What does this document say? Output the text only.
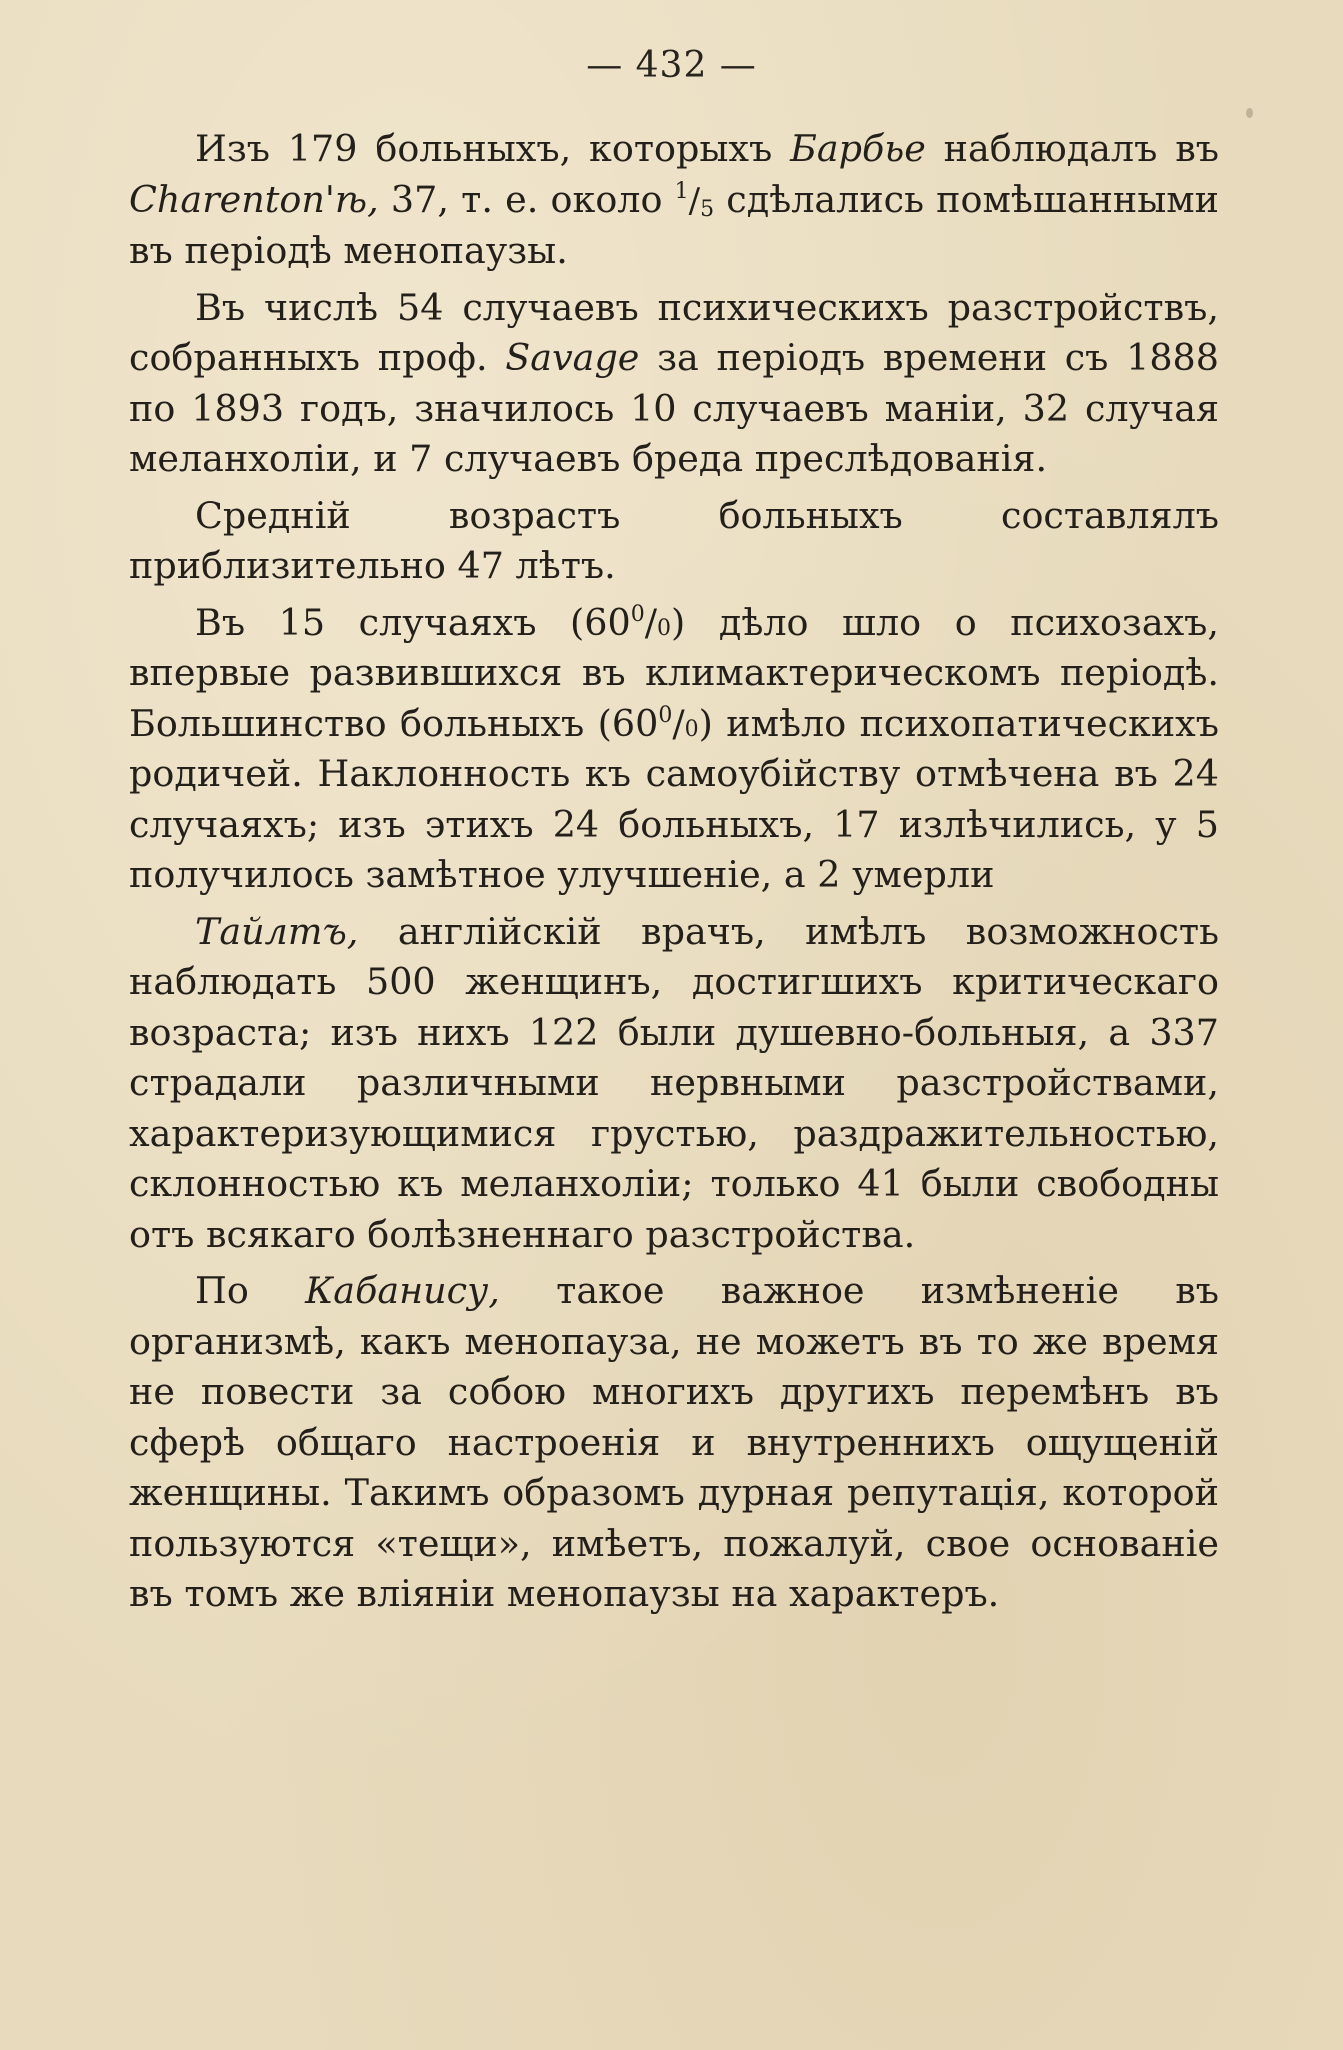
— 432 —

Изъ 179 больныхъ, которыхъ Барбье наблюдалъ въ Charenton'ѣ, 37, т. е. около $^1/_5$ сдѣлались помѣшанными въ періодѣ менопаузы.

Въ числѣ 54 случаевъ психическихъ разстройствъ, собранныхъ проф. Savage за періодъ времени съ 1888 по 1893 годъ, значилось 10 случаевъ маніи, 32 случая меланхоліи, и 7 случаевъ бреда преслѣдованія.

Средній возрастъ больныхъ составлялъ приблизительно 47 лѣтъ.

Въ 15 случаяхъ $(60^0/0)$ дѣло шло о психозахъ, впервые развившихся въ климактерическомъ періодѣ. Большинство больныхъ $(60^0/0)$ имѣло психопатическихъ родичей. Наклонность къ самоубійству отмѣчена въ 24 случаяхъ; изъ этихъ 24 больныхъ, 17 излѣчились, у 5 получилось замѣтное улучшеніе, а 2 умерли

Тайлтъ, англійскій врачъ, имѣлъ возможность наблюдать 500 женщинъ, достигшихъ критическаго возраста; изъ нихъ 122 были душевно-больныя, а 337 страдали различными нервными разстройствами, характеризующимися грустью, раздражительностью, склонностью къ меланхоліи; только 41 были свободны отъ всякаго болѣзненнаго разстройства.

По Кабанису, такое важное измѣненіе въ организмѣ, какъ менопауза, не можетъ въ то же время не повести за собою многихъ другихъ перемѣнъ въ сферѣ общаго настроенія и внутреннихъ ощущеній женщины. Такимъ образомъ дурная репутація, которой пользуются «тещи», имѣетъ, пожалуй, свое основаніе въ томъ же вліяніи менопаузы на характеръ.
